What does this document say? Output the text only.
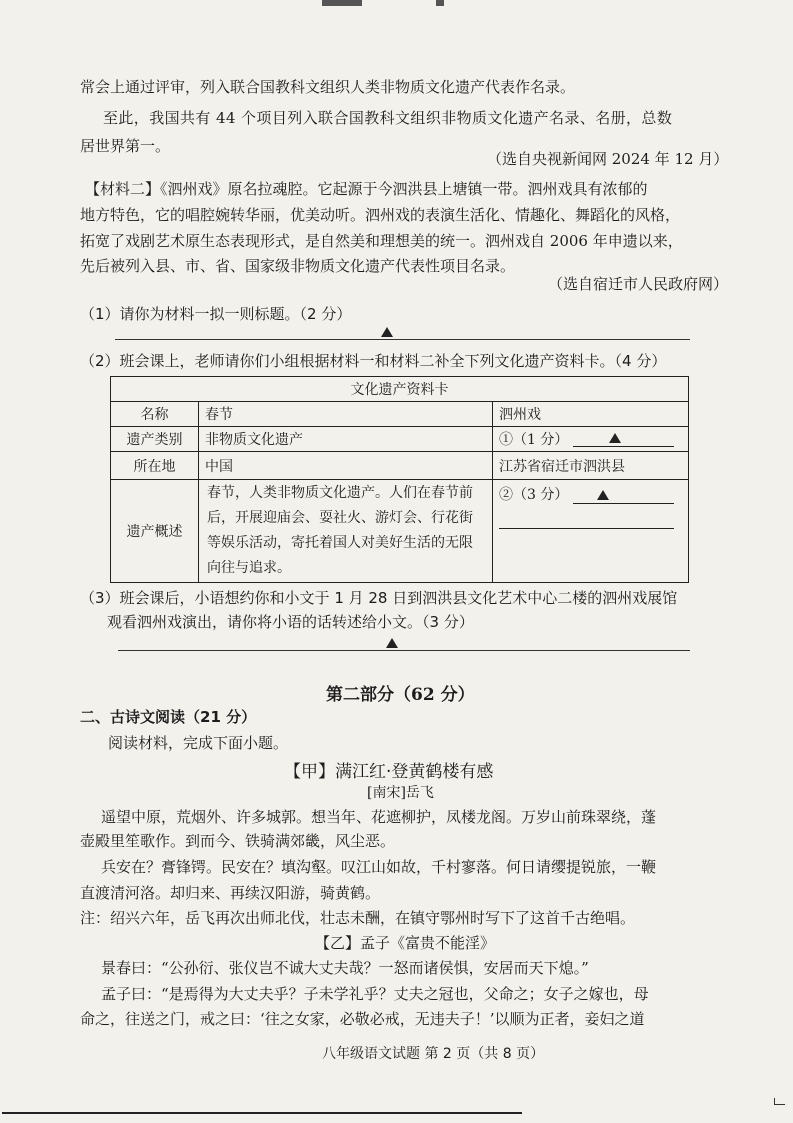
常会上通过评审，列入联合国教科文组织人类非物质文化遗产代表作名录。
至此，我国共有 44 个项目列入联合国教科文组织非物质文化遗产名录、名册，总数
居世界第一。
（选自央视新闻网 2024 年 12 月）
【材料二】《泗州戏》原名拉魂腔。它起源于今泗洪县上塘镇一带。泗州戏具有浓郁的
地方特色，它的唱腔婉转华丽，优美动听。泗州戏的表演生活化、情趣化、舞蹈化的风格，
拓宽了戏剧艺术原生态表现形式，是自然美和理想美的统一。泗州戏自 2006 年申遗以来，
先后被列入县、市、省、国家级非物质文化遗产代表性项目名录。
（选自宿迁市人民政府网）
（1）请你为材料一拟一则标题。（2 分）
（2）班会课上，老师请你们小组根据材料一和材料二补全下列文化遗产资料卡。（4 分）
文化遗产资料卡		
名称	春节	泗州戏
遗产类别	非物质文化遗产	①（1 分）

所在地	中国	江苏省宿迁市泗洪县
遗产概述	春节，人类非物质文化遗产。人们在春节前后，开展迎庙会、耍社火、游灯会、行花街等娱乐活动，寄托着国人对美好生活的无限向往与追求。	②（3 分）
（3）班会课后，小语想约你和小文于 1 月 28 日到泗洪县文化艺术中心二楼的泗州戏展馆
观看泗州戏演出，请你将小语的话转述给小文。（3 分）
第二部分（62 分）
二、古诗文阅读（21 分）
阅读材料，完成下面小题。
【甲】满江红·登黄鹤楼有感
[南宋]岳飞
遥望中原，荒烟外、许多城郭。想当年、花遮柳护，凤楼龙阁。万岁山前珠翠绕，蓬
壶殿里笙歌作。到而今、铁骑满郊畿，风尘恶。
兵安在？膏锋锷。民安在？填沟壑。叹江山如故，千村寥落。何日请缨提锐旅，一鞭
直渡清河洛。却归来、再续汉阳游，骑黄鹤。
注：绍兴六年，岳飞再次出师北伐，壮志未酬，在镇守鄂州时写下了这首千古绝唱。
【乙】孟子《富贵不能淫》
景春曰：“公孙衍、张仪岂不诚大丈夫哉？一怒而诸侯惧，安居而天下熄。”
孟子曰：“是焉得为大丈夫乎？子未学礼乎？丈夫之冠也，父命之；女子之嫁也，母
命之，往送之门，戒之曰：‘往之女家，必敬必戒，无违夫子！’以顺为正者，妾妇之道
八年级语文试题 第 2 页（共 8 页）
